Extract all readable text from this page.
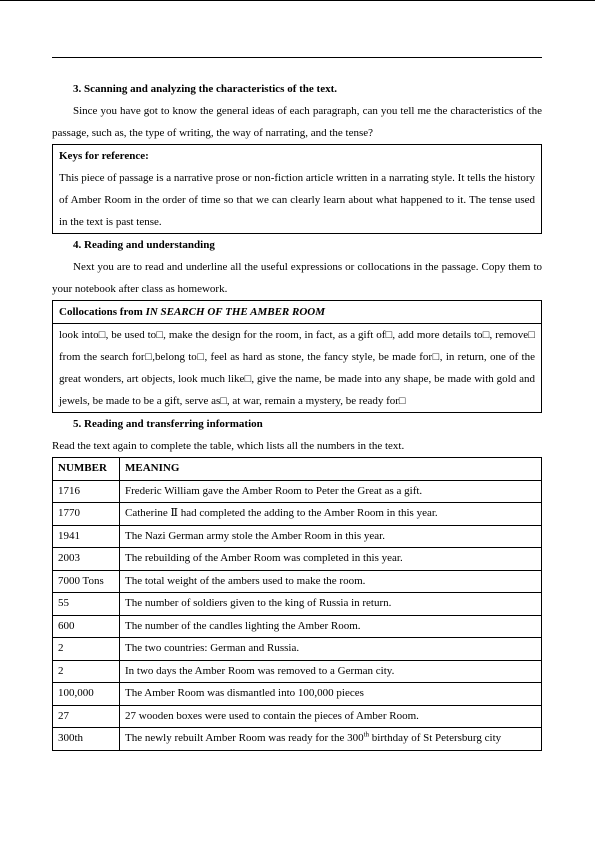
3. Scanning and analyzing the characteristics of the text.
Since you have got to know the general ideas of each paragraph, can you tell me the characteristics of the passage, such as, the type of writing, the way of narrating, and the tense?
Keys for reference:
This piece of passage is a narrative prose or non-fiction article written in a narrating style. It tells the history of Amber Room in the order of time so that we can clearly learn about what happened to it. The tense used in the text is past tense.
4. Reading and understanding
Next you are to read and underline all the useful expressions or collocations in the passage. Copy them to your notebook after class as homework.
Collocations from IN SEARCH OF THE AMBER ROOM
look into□, be used to□, make the design for the room, in fact, as a gift of□, add more details to□, remove□ from the search for□,belong to□, feel as hard as stone, the fancy style, be made for□, in return, one of the great wonders, art objects, look much like□, give the name, be made into any shape, be made with gold and jewels, be made to be a gift, serve as□, at war, remain a mystery, be ready for□
5. Reading and transferring information
Read the text again to complete the table, which lists all the numbers in the text.
NUMBER	MEANING
1716	Frederic William gave the Amber Room to Peter the Great as a gift.
1770	Catherine Ⅱ had completed the adding to the Amber Room in this year.
1941	The Nazi German army stole the Amber Room in this year.
2003	The rebuilding of the Amber Room was completed in this year.
7000 Tons	The total weight of the ambers used to make the room.
55	The number of soldiers given to the king of Russia in return.
600	The number of the candles lighting the Amber Room.
2	The two countries: German and Russia.
2	In two days the Amber Room was removed to a German city.
100,000	The Amber Room was dismantled into 100,000 pieces
27	27 wooden boxes were used to contain the pieces of Amber Room.
300th	The newly rebuilt Amber Room was ready for the 300th birthday of St Petersburg city
